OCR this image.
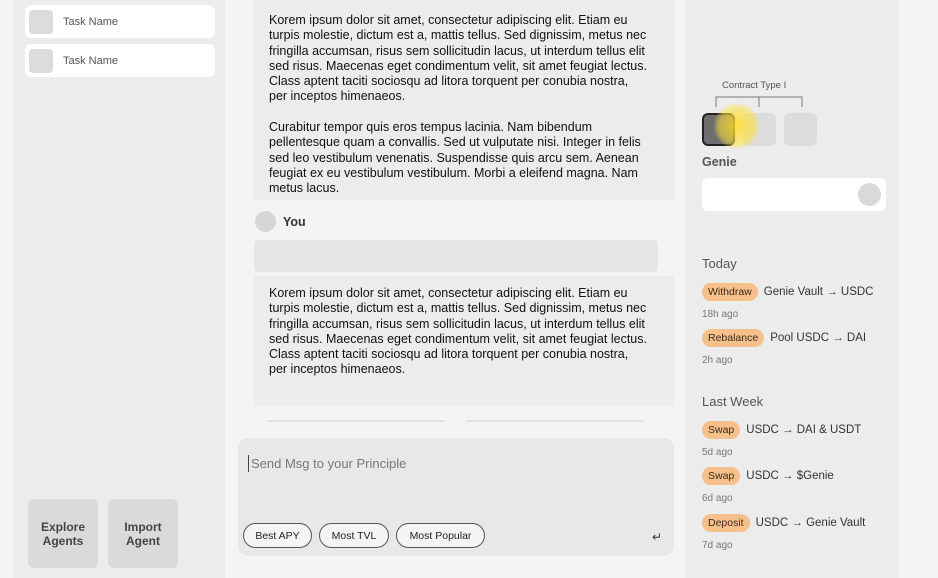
Task Name
Task Name
Explore
Agents
Import
Agent
Korem ipsum dolor sit amet, consectetur adipiscing elit. Etiam eu turpis molestie, dictum est a, mattis tellus. Sed dignissim, metus nec fringilla accumsan, risus sem sollicitudin lacus, ut interdum tellus elit sed risus. Maecenas eget condimentum velit, sit amet feugiat lectus. Class aptent taciti sociosqu ad litora torquent per conubia nostra, per inceptos himenaeos.
Curabitur tempor quis eros tempus lacinia. Nam bibendum pellentesque quam a convallis. Sed ut vulputate nisi. Integer in felis sed leo vestibulum venenatis. Suspendisse quis arcu sem. Aenean feugiat ex eu vestibulum vestibulum. Morbi a eleifend magna. Nam metus lacus.
You
Korem ipsum dolor sit amet, consectetur adipiscing elit. Etiam eu turpis molestie, dictum est a, mattis tellus. Sed dignissim, metus nec fringilla accumsan, risus sem sollicitudin lacus, ut interdum tellus elit sed risus. Maecenas eget condimentum velit, sit amet feugiat lectus. Class aptent taciti sociosqu ad litora torquent per conubia nostra, per inceptos himenaeos.
Send Msg to your Principle
Best APY	Most TVL	Most Popular	↵
Contract Type I
Genie
Today
Withdraw	Genie Vault → USDC
18h ago
Rebalance	Pool USDC → DAI
2h ago
Last Week
Swap	USDC → DAI & USDT
5d ago
Swap	USDC → $Genie
6d ago
Deposit	USDC → Genie Vault
7d ago
